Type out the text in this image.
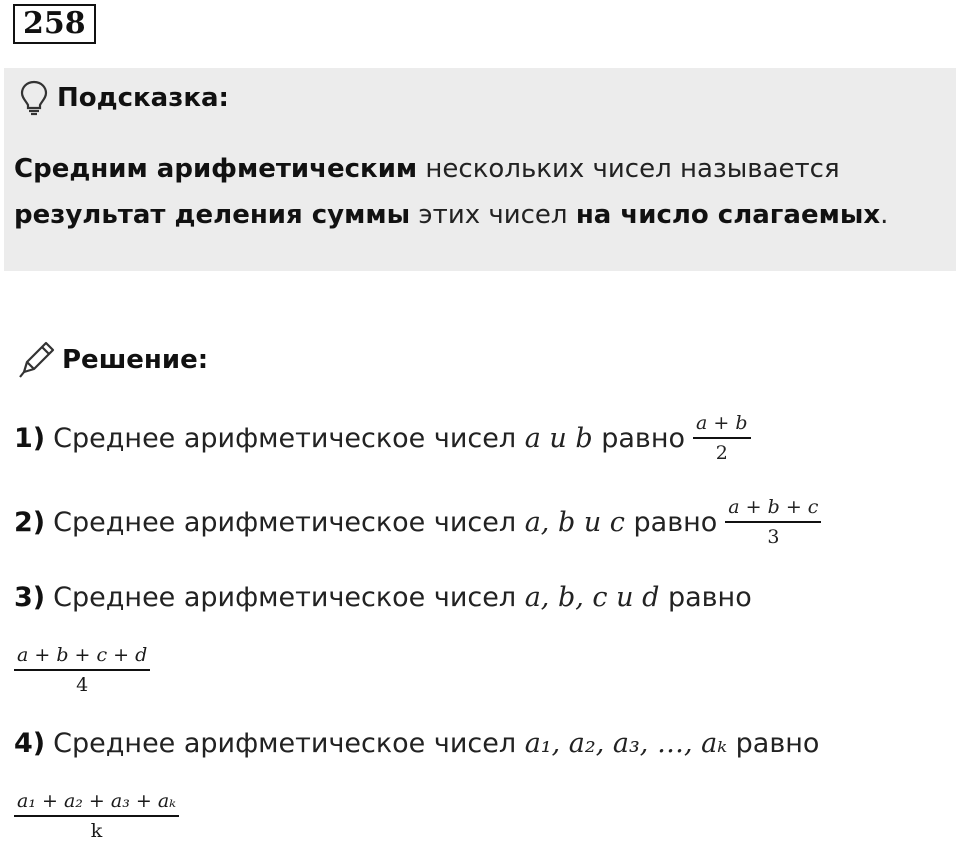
258
Подсказка:
Средним арифметическим нескольких чисел называется
результат деления суммы этих чисел на число слагаемых.
Решение:
1) Среднее арифметическое чисел
a и b
равно $\frac{a + b}{2}$
2) Среднее арифметическое чисел
a, b и c
равно $\frac{a + b + c}{3}$
3) Среднее арифметическое чисел
a, b, c и d
равно
$\frac{a + b + c + d}{4}$
4) Среднее арифметическое чисел
a₁, a₂, a₃, …, aₖ
равно
$\frac{\text{a₁ + a₂ + a₃ + aₖ}}{k}$
